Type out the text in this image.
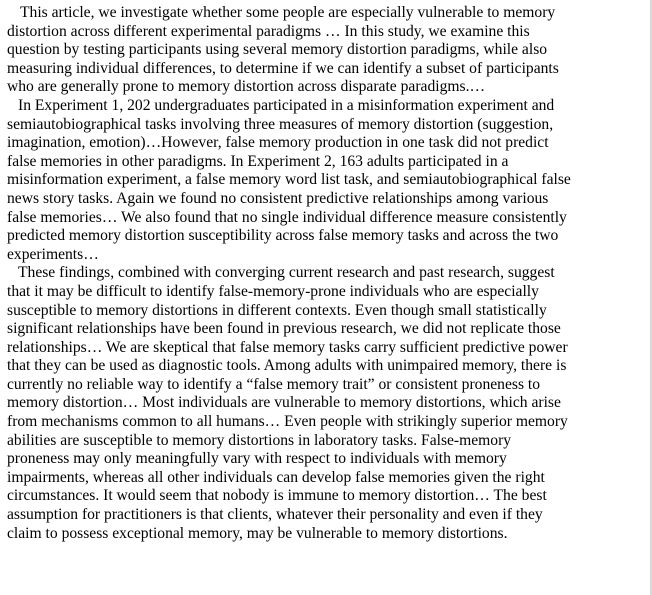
This article, we investigate whether some people are especially vulnerable to memory
distortion across different experimental paradigms … In this study, we examine this
question by testing participants using several memory distortion paradigms, while also
measuring individual differences, to determine if we can identify a subset of participants
who are generally prone to memory distortion across disparate paradigms.…

In Experiment 1, 202 undergraduates participated in a misinformation experiment and
semiautobiographical tasks involving three measures of memory distortion (suggestion,
imagination, emotion)…However, false memory production in one task did not predict
false memories in other paradigms. In Experiment 2, 163 adults participated in a
misinformation experiment, a false memory word list task, and semiautobiographical false
news story tasks. Again we found no consistent predictive relationships among various
false memories… We also found that no single individual difference measure consistently
predicted memory distortion susceptibility across false memory tasks and across the two
experiments…

These findings, combined with converging current research and past research, suggest
that it may be difficult to identify false-memory-prone individuals who are especially
susceptible to memory distortions in different contexts. Even though small statistically
significant relationships have been found in previous research, we did not replicate those
relationships… We are skeptical that false memory tasks carry sufficient predictive power
that they can be used as diagnostic tools. Among adults with unimpaired memory, there is
currently no reliable way to identify a “false memory trait” or consistent proneness to
memory distortion… Most individuals are vulnerable to memory distortions, which arise
from mechanisms common to all humans… Even people with strikingly superior memory
abilities are susceptible to memory distortions in laboratory tasks. False-memory
proneness may only meaningfully vary with respect to individuals with memory
impairments, whereas all other individuals can develop false memories given the right
circumstances. It would seem that nobody is immune to memory distortion… The best
assumption for practitioners is that clients, whatever their personality and even if they
claim to possess exceptional memory, may be vulnerable to memory distortions.
